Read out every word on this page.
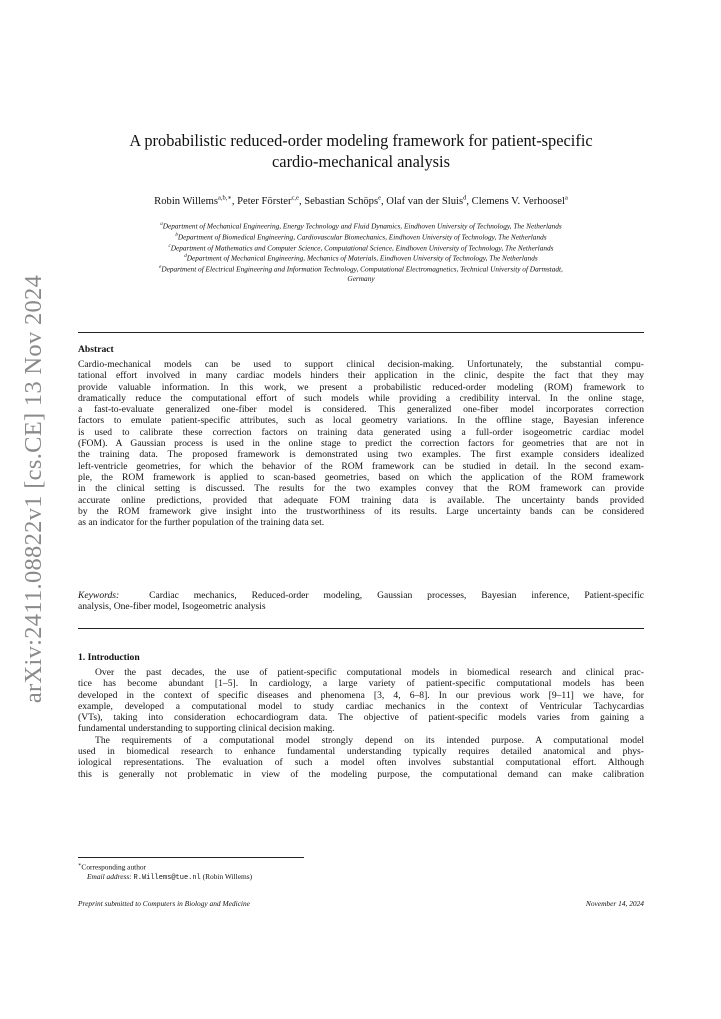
arXiv:2411.08822v1 [cs.CE] 13 Nov 2024
A probabilistic reduced-order modeling framework for patient-specific
cardio-mechanical analysis
Robin Willems$^{a,b,∗}$, Peter Förster$^{c,e}$, Sebastian Schöps$^e$, Olaf van der Sluis$^d$, Clemens V. Verhoosel$^a$
$^a$Department of Mechanical Engineering, Energy Technology and Fluid Dynamics, Eindhoven University of Technology, The Netherlands
$^b$Department of Biomedical Engineering, Cardiovascular Biomechanics, Eindhoven University of Technology, The Netherlands
$^c$Department of Mathematics and Computer Science, Computational Science, Eindhoven University of Technology, The Netherlands
$^d$Department of Mechanical Engineering, Mechanics of Materials, Eindhoven University of Technology, The Netherlands
$^e$Department of Electrical Engineering and Information Technology, Computational Electromagnetics, Technical University of Darmstadt,
Germany
Abstract
Cardio-mechanical models can be used to support clinical decision-making. Unfortunately, the substantial compu-
tational effort involved in many cardiac models hinders their application in the clinic, despite the fact that they may
provide valuable information. In this work, we present a probabilistic reduced-order modeling (ROM) framework to
dramatically reduce the computational effort of such models while providing a credibility interval. In the online stage,
a fast-to-evaluate generalized one-fiber model is considered. This generalized one-fiber model incorporates correction
factors to emulate patient-specific attributes, such as local geometry variations. In the offline stage, Bayesian inference
is used to calibrate these correction factors on training data generated using a full-order isogeometric cardiac model
(FOM). A Gaussian process is used in the online stage to predict the correction factors for geometries that are not in
the training data. The proposed framework is demonstrated using two examples. The first example considers idealized
left-ventricle geometries, for which the behavior of the ROM framework can be studied in detail. In the second exam-
ple, the ROM framework is applied to scan-based geometries, based on which the application of the ROM framework
in the clinical setting is discussed. The results for the two examples convey that the ROM framework can provide
accurate online predictions, provided that adequate FOM training data is available. The uncertainty bands provided
by the ROM framework give insight into the trustworthiness of its results. Large uncertainty bands can be considered
as an indicator for the further population of the training data set.
Keywords:	Cardiac mechanics, Reduced-order modeling, Gaussian processes, Bayesian inference, Patient-specific
analysis, One-fiber model, Isogeometric analysis
1. Introduction
Over the past decades, the use of patient-specific computational models in biomedical research and clinical prac-
tice has become abundant [1–5]. In cardiology, a large variety of patient-specific computational models has been
developed in the context of specific diseases and phenomena [3, 4, 6–8]. In our previous work [9–11] we have, for
example, developed a computational model to study cardiac mechanics in the context of Ventricular Tachycardias
(VTs), taking into consideration echocardiogram data. The objective of patient-specific models varies from gaining a
fundamental understanding to supporting clinical decision making.
The requirements of a computational model strongly depend on its intended purpose. A computational model
used in biomedical research to enhance fundamental understanding typically requires detailed anatomical and phys-
iological representations. The evaluation of such a model often involves substantial computational effort. Although
this is generally not problematic in view of the modeling purpose, the computational demand can make calibration
∗Corresponding author
Email address: R.Willems@tue.nl (Robin Willems)
Preprint submitted to Computers in Biology and Medicine	November 14, 2024
